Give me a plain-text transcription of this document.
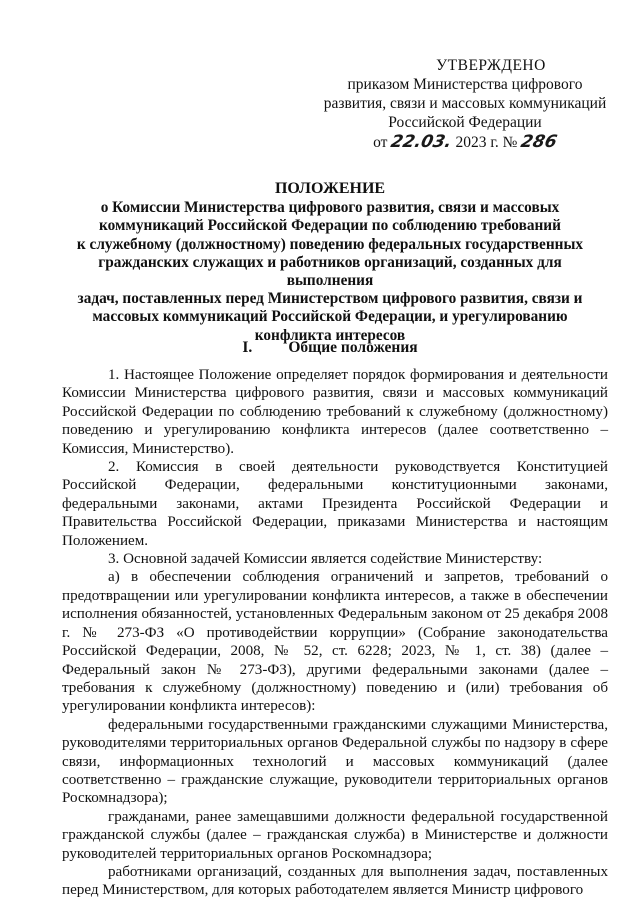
УТВЕРЖДЕНО
приказом Министерства цифрового
развития, связи и массовых коммуникаций
Российской Федерации
от 22.03. 2023 г. № 286
ПОЛОЖЕНИЕ
о Комиссии Министерства цифрового развития, связи и массовых
коммуникаций Российской Федерации по соблюдению требований
к служебному (должностному) поведению федеральных государственных
гражданских служащих и работников организаций, созданных для выполнения
задач, поставленных перед Министерством цифрового развития, связи и
массовых коммуникаций Российской Федерации, и урегулированию
конфликта интересов
I. Общие положения

1. Настоящее Положение определяет порядок формирования и деятельности Комиссии Министерства цифрового развития, связи и массовых коммуникаций Российской Федерации по соблюдению требований к служебному (должностному) поведению и урегулированию конфликта интересов (далее соответственно – Комиссия, Министерство).

2. Комиссия в своей деятельности руководствуется Конституцией Российской Федерации, федеральными конституционными законами, федеральными законами, актами Президента Российской Федерации и Правительства Российской Федерации, приказами Министерства и настоящим Положением.

3. Основной задачей Комиссии является содействие Министерству:

а) в обеспечении соблюдения ограничений и запретов, требований о предотвращении или урегулировании конфликта интересов, а также в обеспечении исполнения обязанностей, установленных Федеральным законом от 25 декабря 2008 г. № 273-ФЗ «О противодействии коррупции» (Собрание законодательства Российской Федерации, 2008, № 52, ст. 6228; 2023, № 1, ст. 38) (далее – Федеральный закон № 273-ФЗ), другими федеральными законами (далее – требования к служебному (должностному) поведению и (или) требования об урегулировании конфликта интересов):

федеральными государственными гражданскими служащими Министерства, руководителями территориальных органов Федеральной службы по надзору в сфере связи, информационных технологий и массовых коммуникаций (далее соответственно – гражданские служащие, руководители территориальных органов Роскомнадзора);

гражданами, ранее замещавшими должности федеральной государственной гражданской службы (далее – гражданская служба) в Министерстве и должности руководителей территориальных органов Роскомнадзора;

работниками организаций, созданных для выполнения задач, поставленных перед Министерством, для которых работодателем является Министр цифрового
